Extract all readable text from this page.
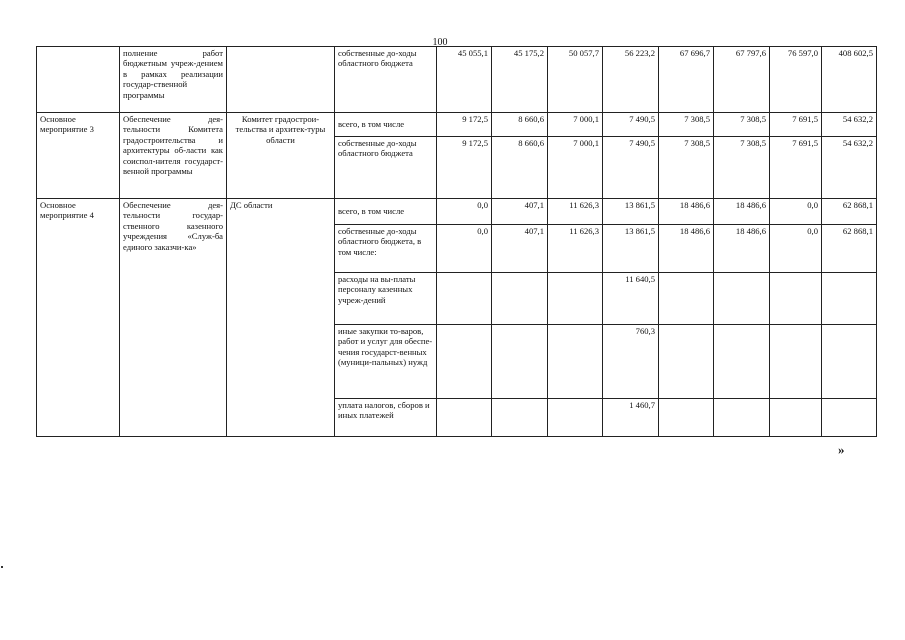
100
	полнение работ бюджетным учреж-дением в рамках реализации государ-ственной программы		собственные до-ходы областного бюджета	45 055,1	45 175,2	50 057,7	56 223,2	67 696,7	67 797,6	76 597,0	408 602,5
Основное мероприятие 3	Обеспечение дея-тельности Комитета градостроительства и архитектуры об-ласти как соиспол-нителя государст-венной программы	Комитет градострои-тельства и архитек-туры области	всего, в том числе	9 172,5	8 660,6	7 000,1	7 490,5	7 308,5	7 308,5	7 691,5	54 632,2
			собственные до-ходы областного бюджета	9 172,5	8 660,6	7 000,1	7 490,5	7 308,5	7 308,5	7 691,5	54 632,2
Основное мероприятие 4	Обеспечение дея-тельности государ-ственного казенного учреждения «Служ-ба единого заказчи-ка»	ДС области	всего, в том числе	0,0	407,1	11 626,3	13 861,5	18 486,6	18 486,6	0,0	62 868,1
			собственные до-ходы областного бюджета, в том числе:	0,0	407,1	11 626,3	13 861,5	18 486,6	18 486,6	0,0	62 868,1
			расходы на вы-платы персоналу казенных учреж-дений				11 640,5				
			иные закупки то-варов, работ и услуг для обеспе-чения государст-венных (муници-пальных) нужд				760,3				
			уплата налогов, сборов и иных платежей				1 460,7				
»
